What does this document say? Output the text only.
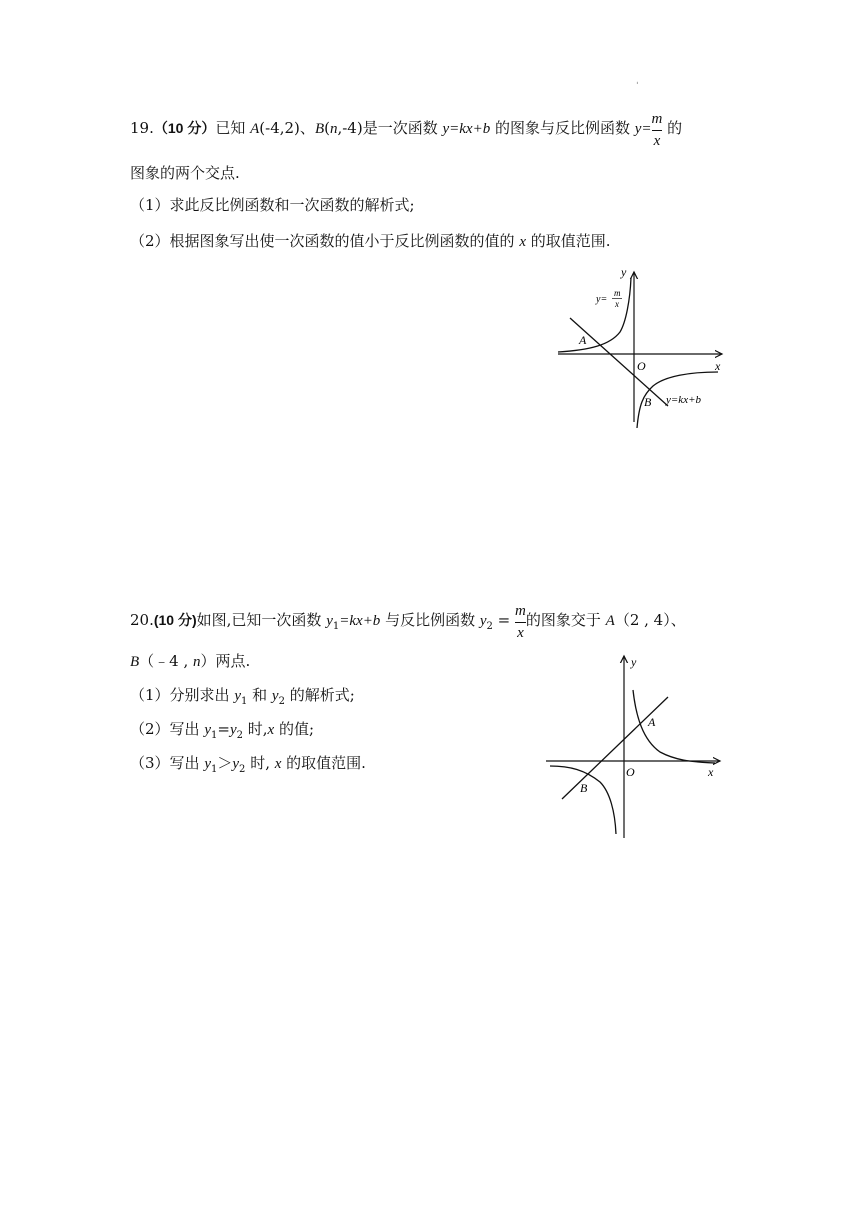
ˈ
19.（10 分）已知 A(-4,2)、B(n,-4)是一次函数 y=kx+b 的图象与反比例函数 $y= \frac{m}{x}$ 的
图象的两个交点.
（1）求此反比例函数和一次函数的解析式;
（2）根据图象写出使一次函数的值小于反比例函数的值的 x 的取值范围.
y
x
O
A
B
y=
m
x
y=kx+b
20.(10 分)如图,已知一次函数 $y_1=kx+b$ 与反比例函数 $y_2 = \frac{m}{x}$ 的图象交于 A（2 , 4）、
B（﹣4 , n）两点.
（1）分别求出 $y_1$ 和 $y_2$ 的解析式;
（2）写出 $y_1=y_2$ 时,x 的值;
（3）写出 $y_1>y_2$ 时, x 的取值范围.
y
x
O
A
B
